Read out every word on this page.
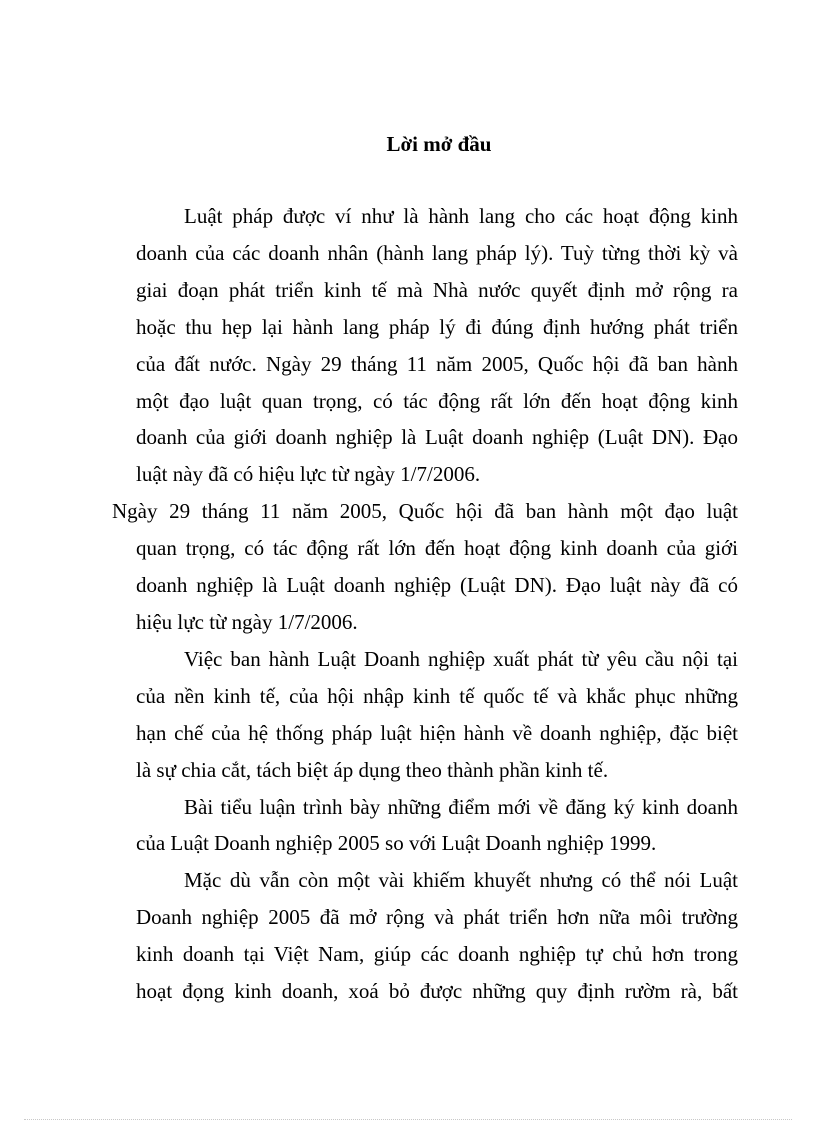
Lời mở đầu
Luật pháp được ví như là hành lang cho các hoạt động kinh
doanh của các doanh nhân (hành lang pháp lý). Tuỳ từng thời kỳ và
giai đoạn phát triển kinh tế mà Nhà nước quyết định mở rộng ra
hoặc thu hẹp lại hành lang pháp lý đi đúng định hướng phát triển
của đất nước. Ngày 29 tháng 11 năm 2005, Quốc hội đã ban hành
một đạo luật quan trọng, có tác động rất lớn đến hoạt động kinh
doanh của giới doanh nghiệp là Luật doanh nghiệp (Luật DN). Đạo
luật này đã có hiệu lực từ ngày 1/7/2006.
Ngày 29 tháng 11 năm 2005, Quốc hội đã ban hành một đạo luật
quan trọng, có tác động rất lớn đến hoạt động kinh doanh của giới
doanh nghiệp là Luật doanh nghiệp (Luật DN). Đạo luật này đã có
hiệu lực từ ngày 1/7/2006.
Việc ban hành Luật Doanh nghiệp xuất phát từ yêu cầu nội tại
của nền kinh tế, của hội nhập kinh tế quốc tế và khắc phục những
hạn chế của hệ thống pháp luật hiện hành về doanh nghiệp, đặc biệt
là sự chia cắt, tách biệt áp dụng theo thành phần kinh tế.
Bài tiểu luận trình bày những điểm mới về đăng ký kinh doanh
của Luật Doanh nghiệp 2005 so với Luật Doanh nghiệp 1999.
Mặc dù vẫn còn một vài khiếm khuyết nhưng có thể nói Luật
Doanh nghiệp 2005 đã mở rộng và phát triển hơn nữa môi trường
kinh doanh tại Việt Nam, giúp các doanh nghiệp tự chủ hơn trong
hoạt đọng kinh doanh, xoá bỏ được những quy định rườm rà, bất
